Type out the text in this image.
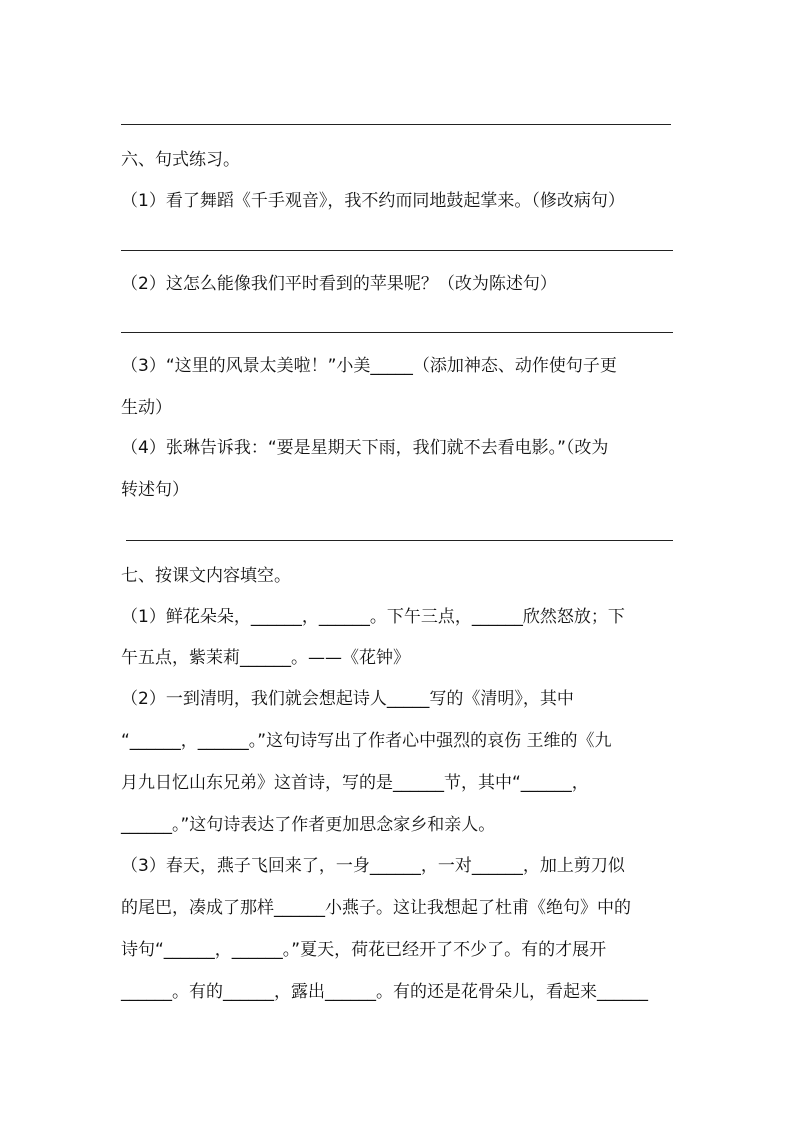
六、句式练习。
（1）看了舞蹈《千手观音》，我不约而同地鼓起掌来。（修改病句）
（2）这怎么能像我们平时看到的苹果呢？（改为陈述句）
（3）“这里的风景太美啦！”小美_____（添加神态、动作使句子更
生动）
（4）张琳告诉我：“要是星期天下雨，我们就不去看电影。”（改为
转述句）
七、按课文内容填空。
（1）鲜花朵朵，______，______。下午三点，______欣然怒放；下
午五点，紫茉莉______。——《花钟》
（2）一到清明，我们就会想起诗人_____写的《清明》，其中
“______，______。”这句诗写出了作者心中强烈的哀伤 王维的《九
月九日忆山东兄弟》这首诗，写的是______节，其中“______，
______。”这句诗表达了作者更加思念家乡和亲人。
（3）春天，燕子飞回来了，一身______，一对______，加上剪刀似
的尾巴，凑成了那样______小燕子。这让我想起了杜甫《绝句》中的
诗句“______，______。”夏天，荷花已经开了不少了。有的才展开
______。有的______，露出______。有的还是花骨朵儿，看起来______
